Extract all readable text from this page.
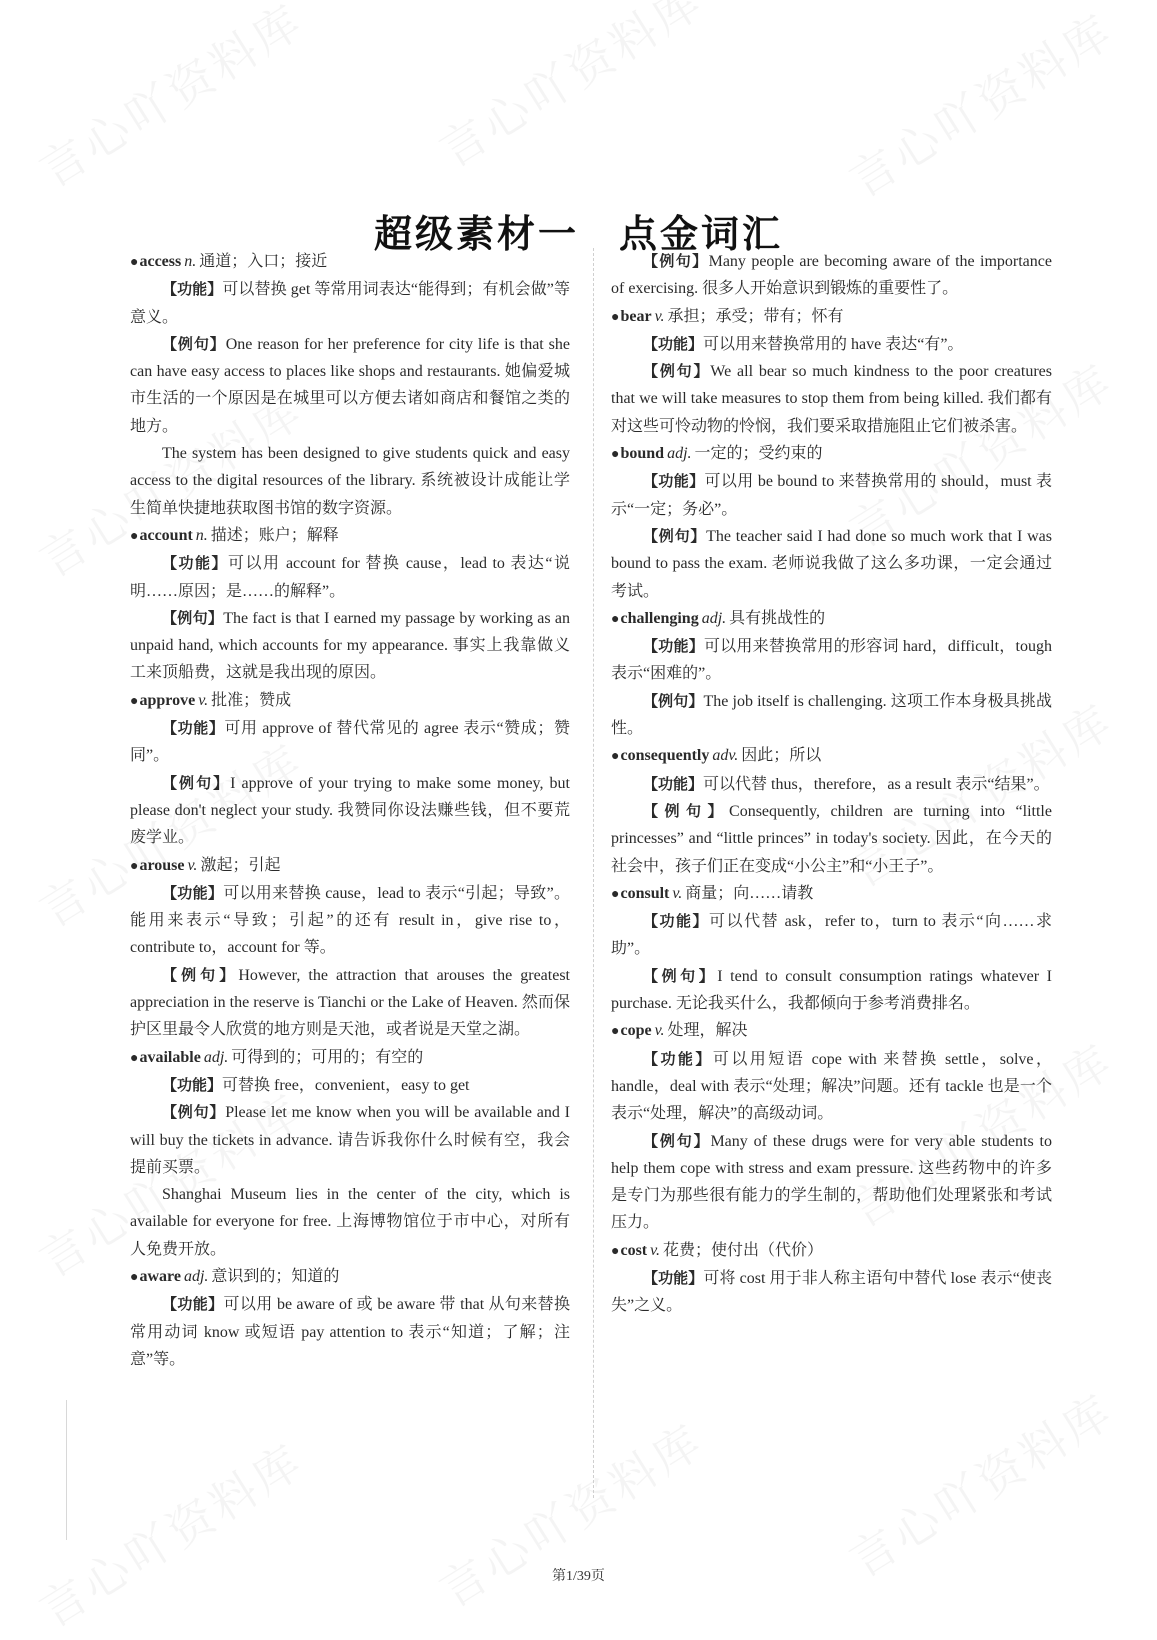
超级素材一 点金词汇

●access n. 通道；入口；接近

【功能】可以替换 get 等常用词表达“能得到；有机会做”等意义。

【例句】One reason for her preference for city life is that she can have easy access to places like shops and restaurants. 她偏爱城市生活的一个原因是在城里可以方便去诸如商店和餐馆之类的地方。

The system has been designed to give students quick and easy access to the digital resources of the library. 系统被设计成能让学生简单快捷地获取图书馆的数字资源。

●account n. 描述；账户；解释

【功能】可以用 account for 替换 cause，lead to 表达“说明……原因；是……的解释”。

【例句】The fact is that I earned my passage by working as an unpaid hand, which accounts for my appearance. 事实上我靠做义工来顶船费，这就是我出现的原因。

●approve v. 批准；赞成

【功能】可用 approve of 替代常见的 agree 表示“赞成；赞同”。

【例句】I approve of your trying to make some money, but please don't neglect your study. 我赞同你设法赚些钱，但不要荒废学业。

●arouse v. 激起；引起

【功能】可以用来替换 cause，lead to 表示“引起；导致”。能用来表示“导致；引起”的还有 result in，give rise to，contribute to，account for 等。

【例句】However, the attraction that arouses the greatest appreciation in the reserve is Tianchi or the Lake of Heaven. 然而保护区里最令人欣赏的地方则是天池，或者说是天堂之湖。

●available adj. 可得到的；可用的；有空的

【功能】可替换 free，convenient，easy to get

【例句】Please let me know when you will be available and I will buy the tickets in advance. 请告诉我你什么时候有空，我会提前买票。

Shanghai Museum lies in the center of the city, which is available for everyone for free. 上海博物馆位于市中心，对所有人免费开放。

●aware adj. 意识到的；知道的

【功能】可以用 be aware of 或 be aware 带 that 从句来替换常用动词 know 或短语 pay attention to 表示“知道；了解；注意”等。

【例句】Many people are becoming aware of the importance of exercising. 很多人开始意识到锻炼的重要性了。

●bear v. 承担；承受；带有；怀有

【功能】可以用来替换常用的 have 表达“有”。

【例句】We all bear so much kindness to the poor creatures that we will take measures to stop them from being killed. 我们都有对这些可怜动物的怜悯，我们要采取措施阻止它们被杀害。

●bound adj. 一定的；受约束的

【功能】可以用 be bound to 来替换常用的 should，must 表示“一定；务必”。

【例句】The teacher said I had done so much work that I was bound to pass the exam. 老师说我做了这么多功课，一定会通过考试。

●challenging adj. 具有挑战性的

【功能】可以用来替换常用的形容词 hard，difficult，tough 表示“困难的”。

【例句】The job itself is challenging. 这项工作本身极具挑战性。

●consequently adv. 因此；所以

【功能】可以代替 thus，therefore，as a result 表示“结果”。

【例句】Consequently, children are turning into “little princesses” and “little princes” in today's society. 因此，在今天的社会中，孩子们正在变成“小公主”和“小王子”。

●consult v. 商量；向……请教

【功能】可以代替 ask，refer to，turn to 表示“向……求助”。

【例句】I tend to consult consumption ratings whatever I purchase. 无论我买什么，我都倾向于参考消费排名。

●cope v. 处理，解决

【功能】可以用短语 cope with 来替换 settle，solve，handle，deal with 表示“处理；解决”问题。还有 tackle 也是一个表示“处理，解决”的高级动词。

【例句】Many of these drugs were for very able students to help them cope with stress and exam pressure. 这些药物中的许多是专门为那些很有能力的学生制的，帮助他们处理紧张和考试压力。

●cost v. 花费；使付出（代价）

【功能】可将 cost 用于非人称主语句中替代 lose 表示“使丧失”之义。

第1/39页
